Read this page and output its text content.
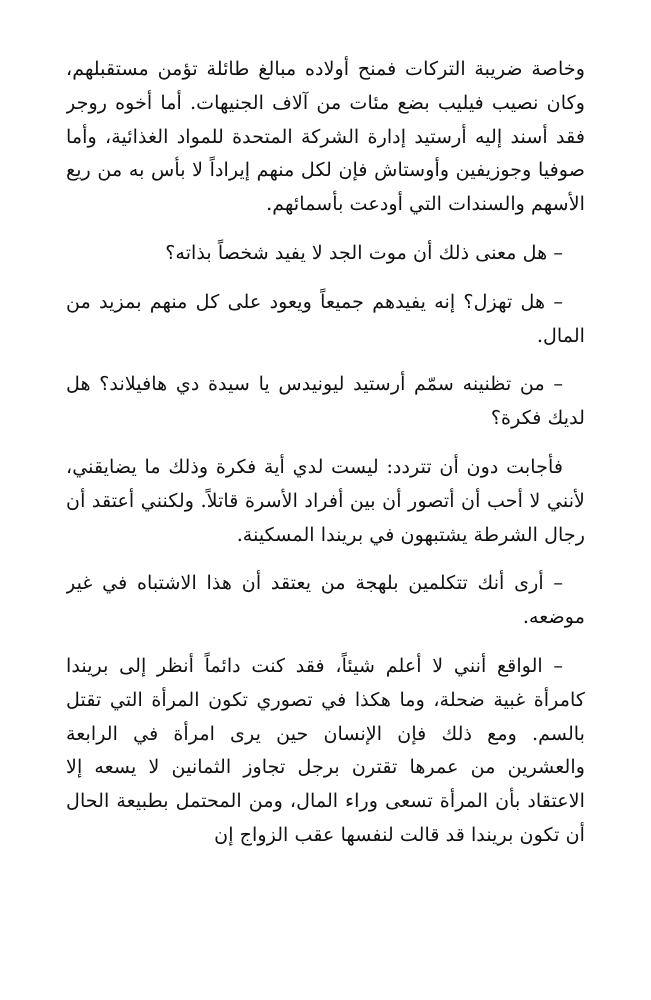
وخاصة ضريبة التركات فمنح أولاده مبالغ طائلة تؤمن مستقبلهم، وكان نصيب فيليب بضع مئات من آلاف الجنيهات. أما أخوه روجر فقد أسند إليه أرستيد إدارة الشركة المتحدة للمواد الغذائية، وأما صوفيا وجوزيفين وأوستاش فإن لكل منهم إيراداً لا بأس به من ريع الأسهم والسندات التي أودعت بأسمائهم.

– هل معنى ذلك أن موت الجد لا يفيد شخصاً بذاته؟

– هل تهزل؟ إنه يفيدهم جميعاً ويعود على كل منهم بمزيد من المال.

– من تظنينه سمّم أرستيد ليونيدس يا سيدة دي هافيلاند؟ هل لديك فكرة؟

فأجابت دون أن تتردد: ليست لدي أية فكرة وذلك ما يضايقني، لأنني لا أحب أن أتصور أن بين أفراد الأسرة قاتلاً. ولكنني أعتقد أن رجال الشرطة يشتبهون في بريندا المسكينة.

– أرى أنك تتكلمين بلهجة من يعتقد أن هذا الاشتباه في غير موضعه.

– الواقع أنني لا أعلم شيئاً، فقد كنت دائماً أنظر إلى بريندا كامرأة غبية ضحلة، وما هكذا في تصوري تكون المرأة التي تقتل بالسم. ومع ذلك فإن الإنسان حين يرى امرأة في الرابعة والعشرين من عمرها تقترن برجل تجاوز الثمانين لا يسعه إلا الاعتقاد بأن المرأة تسعى وراء المال، ومن المحتمل بطبيعة الحال أن تكون بريندا قد قالت لنفسها عقب الزواج إن
